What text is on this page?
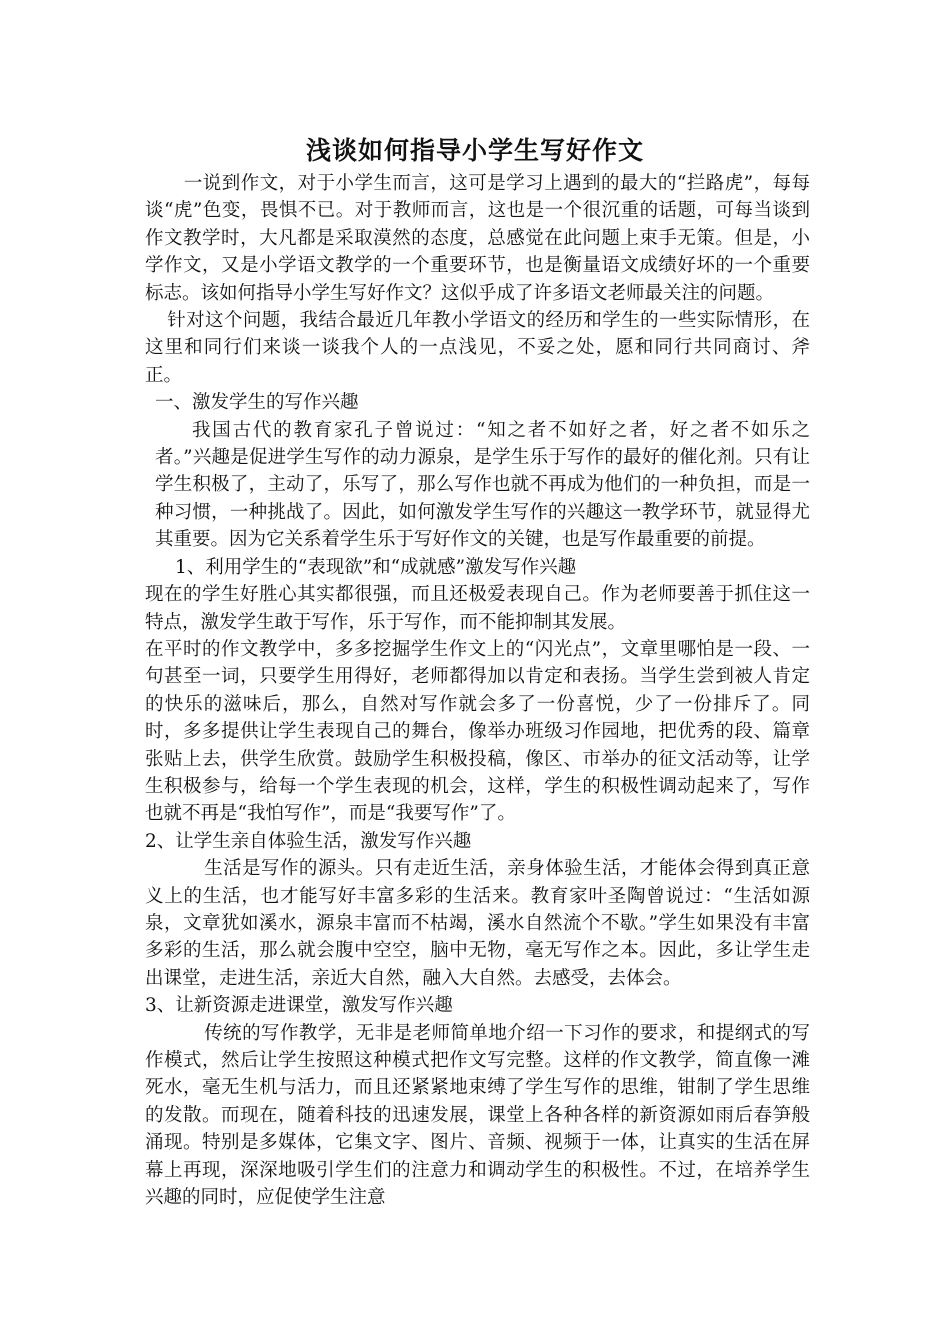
浅谈如何指导小学生写好作文

一说到作文，对于小学生而言，这可是学习上遇到的最大的“拦路虎”，每每谈“虎”色变，畏惧不已。对于教师而言，这也是一个很沉重的话题，可每当谈到作文教学时，大凡都是采取漠然的态度，总感觉在此问题上束手无策。但是，小学作文，又是小学语文教学的一个重要环节，也是衡量语文成绩好坏的一个重要标志。该如何指导小学生写好作文？这似乎成了许多语文老师最关注的问题。

针对这个问题，我结合最近几年教小学语文的经历和学生的一些实际情形，在这里和同行们来谈一谈我个人的一点浅见，不妥之处，愿和同行共同商讨、斧正。

一、激发学生的写作兴趣

我国古代的教育家孔子曾说过：“知之者不如好之者，好之者不如乐之者。”兴趣是促进学生写作的动力源泉，是学生乐于写作的最好的催化剂。只有让学生积极了，主动了，乐写了，那么写作也就不再成为他们的一种负担，而是一种习惯，一种挑战了。因此，如何激发学生写作的兴趣这一教学环节，就显得尤其重要。因为它关系着学生乐于写好作文的关键，也是写作最重要的前提。

1、利用学生的“表现欲”和“成就感”激发写作兴趣

现在的学生好胜心其实都很强，而且还极爱表现自己。作为老师要善于抓住这一特点，激发学生敢于写作，乐于写作，而不能抑制其发展。

在平时的作文教学中，多多挖掘学生作文上的“闪光点”，文章里哪怕是一段、一句甚至一词，只要学生用得好，老师都得加以肯定和表扬。当学生尝到被人肯定的快乐的滋味后，那么，自然对写作就会多了一份喜悦，少了一份排斥了。同时，多多提供让学生表现自己的舞台，像举办班级习作园地，把优秀的段、篇章张贴上去，供学生欣赏。鼓励学生积极投稿，像区、市举办的征文活动等，让学生积极参与，给每一个学生表现的机会，这样，学生的积极性调动起来了，写作也就不再是“我怕写作”，而是“我要写作”了。

2、让学生亲自体验生活，激发写作兴趣

生活是写作的源头。只有走近生活，亲身体验生活，才能体会得到真正意义上的生活，也才能写好丰富多彩的生活来。教育家叶圣陶曾说过：“生活如源泉，文章犹如溪水，源泉丰富而不枯竭，溪水自然流个不歇。”学生如果没有丰富多彩的生活，那么就会腹中空空，脑中无物，毫无写作之本。因此，多让学生走出课堂，走进生活，亲近大自然，融入大自然。去感受，去体会。

3、让新资源走进课堂，激发写作兴趣

传统的写作教学，无非是老师简单地介绍一下习作的要求，和提纲式的写作模式，然后让学生按照这种模式把作文写完整。这样的作文教学，简直像一滩死水，毫无生机与活力，而且还紧紧地束缚了学生写作的思维，钳制了学生思维的发散。而现在，随着科技的迅速发展，课堂上各种各样的新资源如雨后春笋般涌现。特别是多媒体，它集文字、图片、音频、视频于一体，让真实的生活在屏幕上再现，深深地吸引学生们的注意力和调动学生的积极性。不过，在培养学生兴趣的同时，应促使学生注意
